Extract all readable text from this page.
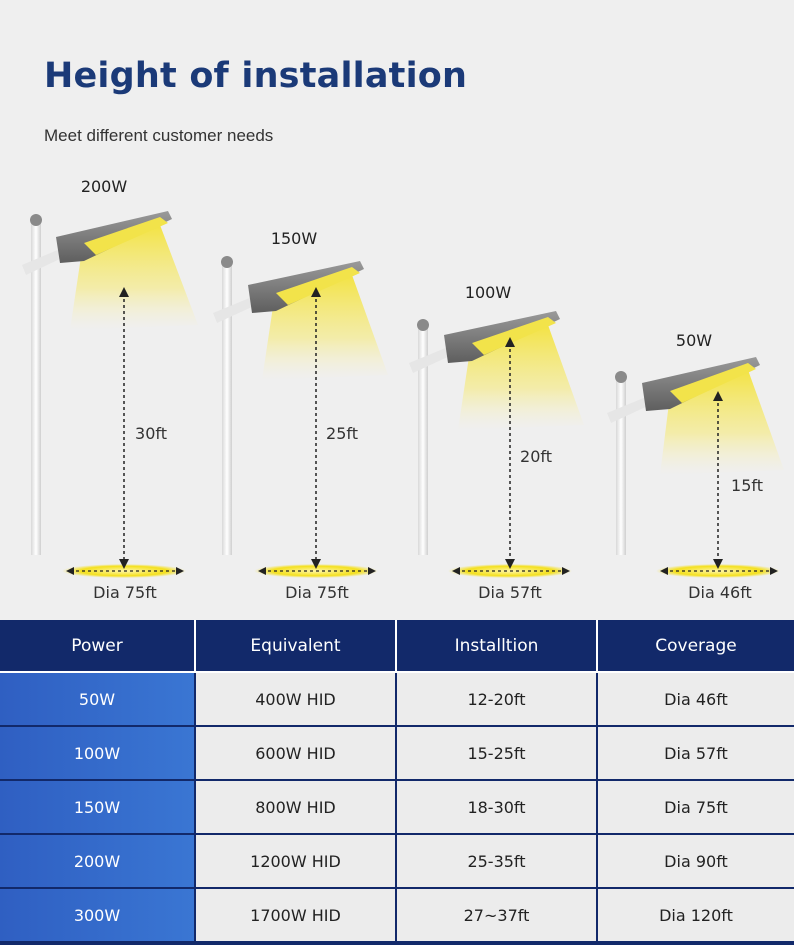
Height of installation
Meet different customer needs
200W
150W
100W
50W
30ft	25ft
20ft
15ft
Dia 75ft	Dia 75ft	Dia 57ft	Dia 46ft
Power	Equivalent	Installtion	Coverage
50W	400W HID	12-20ft	Dia 46ft
100W	600W HID	15-25ft	Dia 57ft
150W	800W HID	18-30ft	Dia 75ft
200W	1200W HID	25-35ft	Dia 90ft
300W	1700W HID	27~37ft	Dia 120ft
